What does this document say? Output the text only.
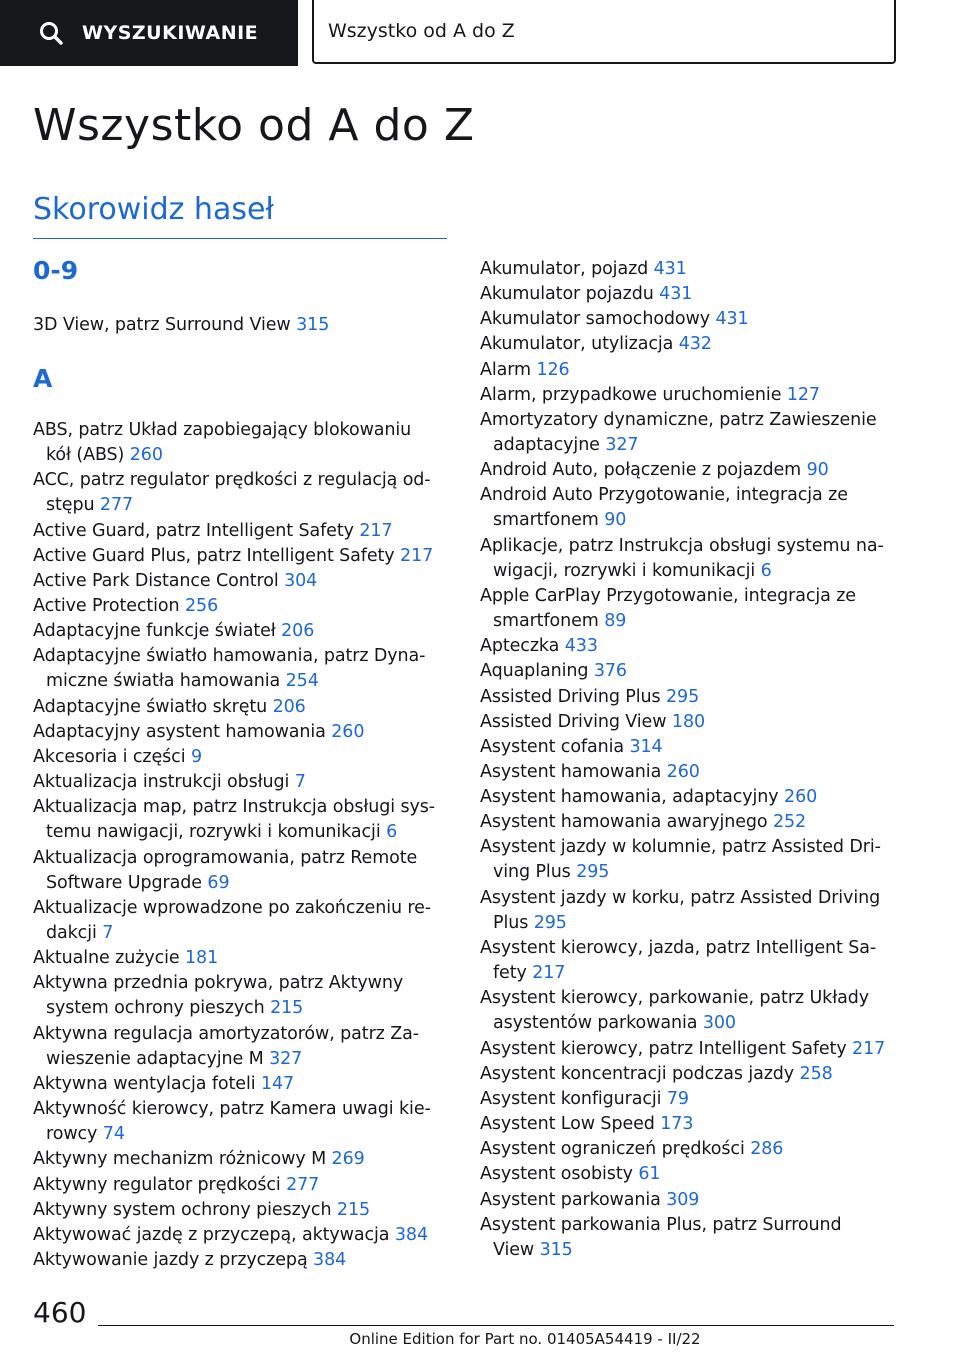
WYSZUKIWANIE	Wszystko od A do Z
Wszystko od A do Z
Skorowidz haseł
0-9
3D View, patrz Surround View 315
A
ABS, patrz Układ zapobiegający blokowaniu
kół (ABS) 260
ACC, patrz regulator prędkości z regulacją od-
stępu 277
Active Guard, patrz Intelligent Safety 217
Active Guard Plus, patrz Intelligent Safety 217
Active Park Distance Control 304
Active Protection 256
Adaptacyjne funkcje świateł 206
Adaptacyjne światło hamowania, patrz Dyna-
miczne światła hamowania 254
Adaptacyjne światło skrętu 206
Adaptacyjny asystent hamowania 260
Akcesoria i części 9
Aktualizacja instrukcji obsługi 7
Aktualizacja map, patrz Instrukcja obsługi sys-
temu nawigacji, rozrywki i komunikacji 6
Aktualizacja oprogramowania, patrz Remote
Software Upgrade 69
Aktualizacje wprowadzone po zakończeniu re-
dakcji 7
Aktualne zużycie 181
Aktywna przednia pokrywa, patrz Aktywny
system ochrony pieszych 215
Aktywna regulacja amortyzatorów, patrz Za-
wieszenie adaptacyjne M 327
Aktywna wentylacja foteli 147
Aktywność kierowcy, patrz Kamera uwagi kie-
rowcy 74
Aktywny mechanizm różnicowy M 269
Aktywny regulator prędkości 277
Aktywny system ochrony pieszych 215
Aktywować jazdę z przyczepą, aktywacja 384
Aktywowanie jazdy z przyczepą 384
Akumulator, pojazd 431
Akumulator pojazdu 431
Akumulator samochodowy 431
Akumulator, utylizacja 432
Alarm 126
Alarm, przypadkowe uruchomienie 127
Amortyzatory dynamiczne, patrz Zawieszenie
adaptacyjne 327
Android Auto, połączenie z pojazdem 90
Android Auto Przygotowanie, integracja ze
smartfonem 90
Aplikacje, patrz Instrukcja obsługi systemu na-
wigacji, rozrywki i komunikacji 6
Apple CarPlay Przygotowanie, integracja ze
smartfonem 89
Apteczka 433
Aquaplaning 376
Assisted Driving Plus 295
Assisted Driving View 180
Asystent cofania 314
Asystent hamowania 260
Asystent hamowania, adaptacyjny 260
Asystent hamowania awaryjnego 252
Asystent jazdy w kolumnie, patrz Assisted Dri-
ving Plus 295
Asystent jazdy w korku, patrz Assisted Driving
Plus 295
Asystent kierowcy, jazda, patrz Intelligent Sa-
fety 217
Asystent kierowcy, parkowanie, patrz Układy
asystentów parkowania 300
Asystent kierowcy, patrz Intelligent Safety 217
Asystent koncentracji podczas jazdy 258
Asystent konfiguracji 79
Asystent Low Speed 173
Asystent ograniczeń prędkości 286
Asystent osobisty 61
Asystent parkowania 309
Asystent parkowania Plus, patrz Surround
View 315
460
Online Edition for Part no. 01405A54419 - II/22
